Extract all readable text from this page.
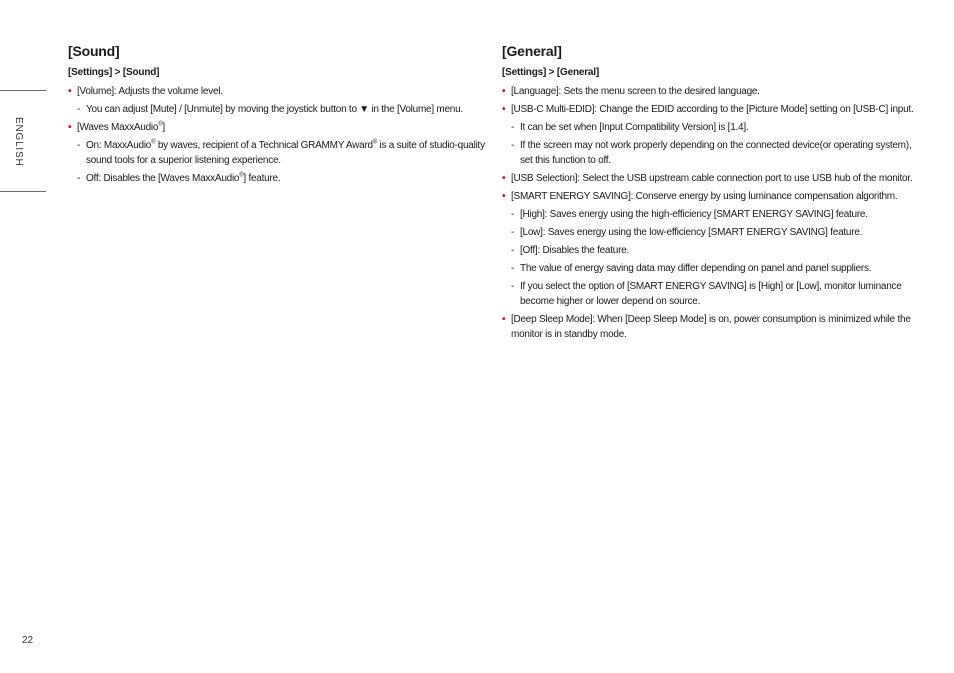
ENGLISH
[Sound]
[Settings] > [Sound]
• [Volume]: Adjusts the volume level.
- You can adjust [Mute] / [Unmute] by moving the joystick button to ▼ in the [Volume] menu.
• [Waves MaxxAudio®]
- On: MaxxAudio® by waves, recipient of a Technical GRAMMY Award® is a suite of studio-quality sound tools for a superior listening experience.
- Off: Disables the [Waves MaxxAudio®] feature.
[General]
[Settings] > [General]
• [Language]: Sets the menu screen to the desired language.
• [USB-C Multi-EDID]: Change the EDID according to the [Picture Mode] setting on [USB-C] input.
- It can be set when [Input Compatibility Version] is [1.4].
- If the screen may not work properly depending on the connected device(or operating system), set this function to off.
• [USB Selection]: Select the USB upstream cable connection port to use USB hub of the monitor.
• [SMART ENERGY SAVING]: Conserve energy by using luminance compensation algorithm.
- [High]: Saves energy using the high-efficiency [SMART ENERGY SAVING] feature.
- [Low]: Saves energy using the low-efficiency [SMART ENERGY SAVING] feature.
- [Off]: Disables the feature.
- The value of energy saving data may differ depending on panel and panel suppliers.
- If you select the option of [SMART ENERGY SAVING] is [High] or [Low], monitor luminance become higher or lower depend on source.
• [Deep Sleep Mode]: When [Deep Sleep Mode] is on, power consumption is minimized while the monitor is in standby mode.
22
